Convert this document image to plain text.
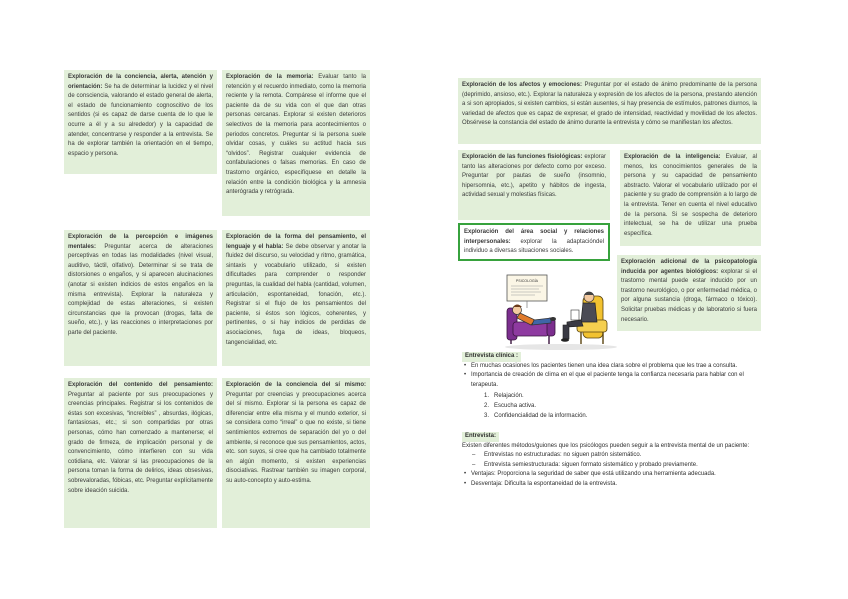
Exploración de la conciencia, alerta, atención y orientación: Se ha de determinar la lucidez y el nivel de consciencia, valorando el estado general de alerta, el estado de funcionamiento cognoscitivo de los sentidos (si es capaz de darse cuenta de lo que le ocurre a él y a su alrededor) y la capacidad de atender, concentrarse y responder a la entrevista. Se ha de explorar también la orientación en el tiempo, espacio y persona.
Exploración de la memoria: Evaluar tanto la retención y el recuerdo inmediato, como la memoria reciente y la remota. Compárese el informe que el paciente da de su vida con el que dan otras personas cercanas. Explorar si existen deterioros selectivos de la memoria para acontecimientos o periodos concretos. Preguntar si la persona suele olvidar cosas, y cuáles su actitud hacia sus “olvidos”. Registrar cualquier evidencia de confabulaciones o falsas memorias. En caso de trastorno orgánico, especifíquese en detalle la relación entre la condición biológica y la amnesia anterógrada y retrógrada.
Exploración de la percepción e imágenes mentales: Preguntar acerca de alteraciones perceptivas en todas las modalidades (nivel visual, auditivo, táctil, olfativo). Determinar si se trata de distorsiones o engaños, y si aparecen alucinaciones (anotar si existen indicios de estos engaños en la misma entrevista). Explorar la naturaleza y complejidad de estas alteraciones, si existen circunstancias que la provocan (drogas, falta de sueño, etc.), y las reacciones o interpretaciones por parte del paciente.
Exploración de la forma del pensamiento, el lenguaje y el habla: Se debe observar y anotar la fluidez del discurso, su velocidad y ritmo, gramática, sintaxis y vocabulario utilizado, si existen dificultades para comprender o responder preguntas, la cualidad del habla (cantidad, volumen, articulación, espontaneidad, fonación, etc.). Registrar si el flujo de los pensamientos del paciente, si éstos son lógicos, coherentes, y pertinentes, o si hay indicios de perdidas de asociaciones, fuga de ideas, bloqueos, tangencialidad, etc.
Exploración del contenido del pensamiento: Preguntar al paciente por sus preocupaciones y creencias principales. Registrar si los contenidos de éstas son excesivas, “increíbles” , absurdas, ilógicas, fantasiosas, etc.; si son compartidas por otras personas, cómo han comenzado a mantenerse; el grado de firmeza, de implicación personal y de convencimiento, cómo interfieren con su vida cotidiana, etc. Valorar si las preocupaciones de la persona toman la forma de delirios, ideas obsesivas, sobrevaloradas, fóbicas, etc. Preguntar explícitamente sobre ideación suicida.
Exploración de la conciencia del sí mismo: Preguntar por creencias y preocupaciones acerca del sí mismo. Explorar si la persona es capaz de diferenciar entre ella misma y el mundo exterior, si se considera como “irreal” o que no existe, si tiene sentimientos extremos de separación del yo o del ambiente, si reconoce que sus pensamientos, actos, etc. son suyos, si cree que ha cambiado totalmente en algún momento, si existen experiencias disociativas. Rastrear también su imagen corporal, su auto-concepto y auto-estima.
Exploración de los afectos y emociones: Preguntar por el estado de ánimo predominante de la persona (deprimido, ansioso, etc.). Explorar la naturaleza y expresión de los afectos de la persona, prestando atención a si son apropiados, si existen cambios, si están ausentes, si hay presencia de estímulos, patrones diurnos, la variedad de afectos que es capaz de expresar, el grado de intensidad, reactividad y movilidad de los afectos. Obsérvese la constancia del estado de ánimo durante la entrevista y cómo se manifiestan los afectos.
Exploración de las funciones fisiológicas: explorar tanto las alteraciones por defecto como por exceso. Preguntar por pautas de sueño (insomnio, hipersomnia, etc.), apetito y hábitos de ingesta, actividad sexual y molestias físicas.
Exploración de la inteligencia: Evaluar, al menos, los conocimientos generales de la persona y su capacidad de pensamiento abstracto. Valorar el vocabulario utilizado por el paciente y su grado de comprensión a lo largo de la entrevista. Tener en cuenta el nivel educativo de la persona. Si se sospecha de deterioro intelectual, se ha de utilizar una prueba específica.
Exploración del área social y relaciones interpersonales: explorar la adaptacióndel individuo a diversas situaciones sociales.
Exploración adicional de la psicopatología inducida por agentes biológicos: explorar si el trastorno mental puede estar inducido por un trastorno neurológico, o por enfermedad médica, o por alguna sustancia (droga, fármaco o tóxico). Solicitar pruebas médicas y de laboratorio si fuera necesario.
PSICOLOGÍA
Entrevista clínica :
• En muchas ocasiones los pacientes tienen una idea clara sobre el problema que les trae a consulta.
• Importancia de creación de clima en el que el paciente tenga la confianza necesaria para hablar con el terapeuta.
1. Relajación.
2. Escucha activa.
3. Confidencialidad de la información.
Entrevista:
Existen diferentes métodos/guiones que los psicólogos pueden seguir a la entrevista mental de un paciente:
– Entrevistas no estructuradas: no siguen patrón sistemático.
– Entrevista semiestructurada: siguen formato sistemático y probado previamente.
• Ventajas: Proporciona la seguridad de saber que está utilizando una herramienta adecuada.
• Desventaja: Dificulta la espontaneidad de la entrevista.
